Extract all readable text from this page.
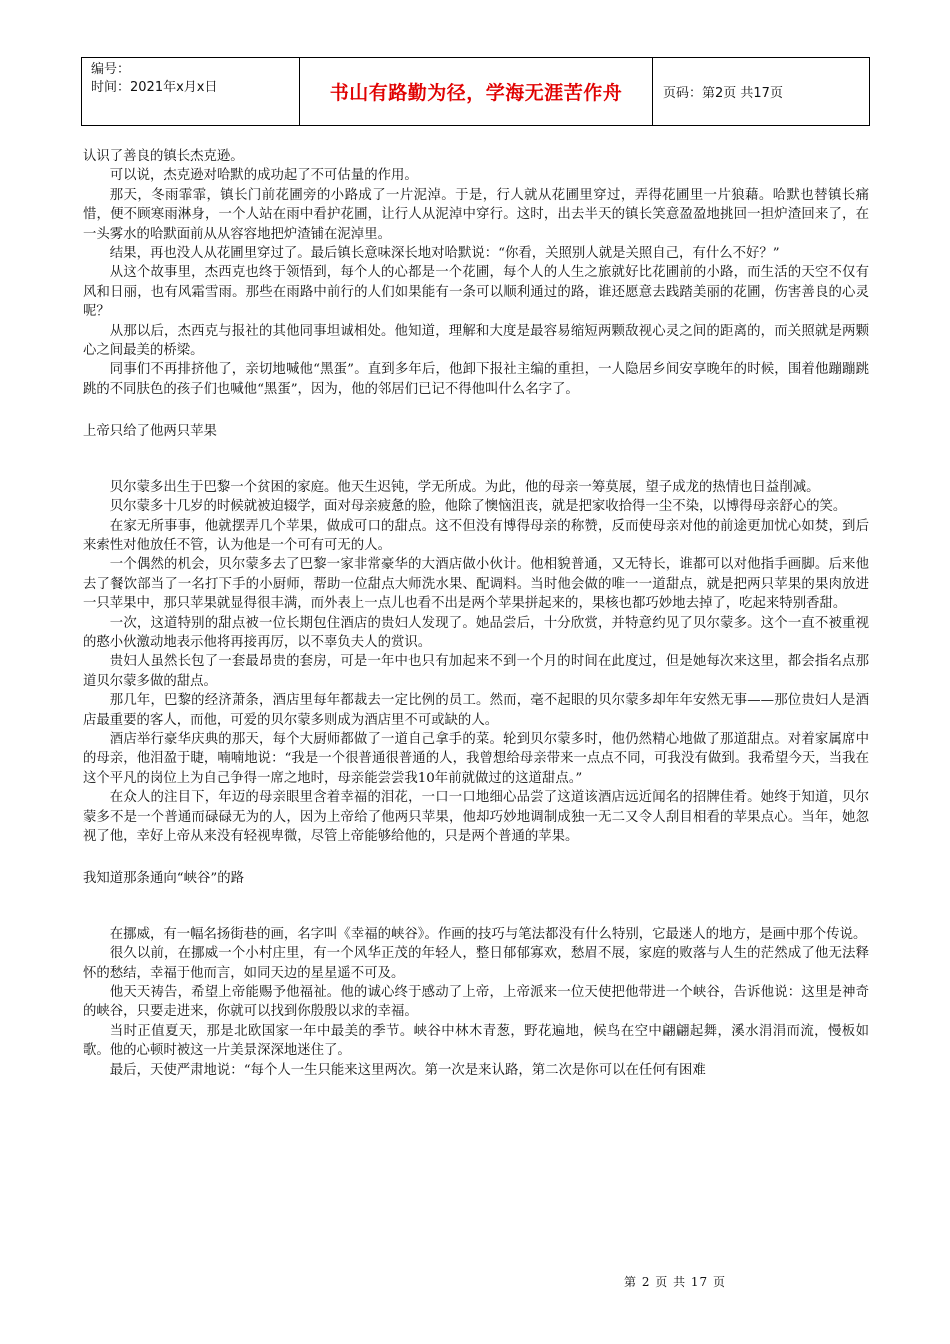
编号：
时间：2021年x月x日	书山有路勤为径，学海无涯苦作舟	页码：第2页 共17页

认识了善良的镇长杰克逊。

可以说，杰克逊对哈默的成功起了不可估量的作用。

那天，冬雨霏霏，镇长门前花圃旁的小路成了一片泥淖。于是，行人就从花圃里穿过，弄得花圃里一片狼藉。哈默也替镇长痛惜，便不顾寒雨淋身，一个人站在雨中看护花圃，让行人从泥淖中穿行。这时，出去半天的镇长笑意盈盈地挑回一担炉渣回来了，在一头雾水的哈默面前从从容容地把炉渣铺在泥淖里。

结果，再也没人从花圃里穿过了。最后镇长意味深长地对哈默说：“你看，关照别人就是关照自己，有什么不好？”

从这个故事里，杰西克也终于领悟到，每个人的心都是一个花圃，每个人的人生之旅就好比花圃前的小路，而生活的天空不仅有风和日丽，也有风霜雪雨。那些在雨路中前行的人们如果能有一条可以顺利通过的路，谁还愿意去践踏美丽的花圃，伤害善良的心灵呢？

从那以后，杰西克与报社的其他同事坦诚相处。他知道，理解和大度是最容易缩短两颗敌视心灵之间的距离的，而关照就是两颗心之间最美的桥梁。

同事们不再排挤他了，亲切地喊他“黑蛋”。直到多年后，他卸下报社主编的重担，一人隐居乡间安享晚年的时候，围着他蹦蹦跳跳的不同肤色的孩子们也喊他“黑蛋”，因为，他的邻居们已记不得他叫什么名字了。

上帝只给了他两只苹果

贝尔蒙多出生于巴黎一个贫困的家庭。他天生迟钝，学无所成。为此，他的母亲一筹莫展，望子成龙的热情也日益削减。

贝尔蒙多十几岁的时候就被迫辍学，面对母亲疲惫的脸，他除了懊恼沮丧，就是把家收拾得一尘不染，以博得母亲舒心的笑。

在家无所事事，他就摆弄几个苹果，做成可口的甜点。这不但没有博得母亲的称赞，反而使母亲对他的前途更加忧心如焚，到后来索性对他放任不管，认为他是一个可有可无的人。

一个偶然的机会，贝尔蒙多去了巴黎一家非常豪华的大酒店做小伙计。他相貌普通，又无特长，谁都可以对他指手画脚。后来他去了餐饮部当了一名打下手的小厨师，帮助一位甜点大师洗水果、配调料。当时他会做的唯一一道甜点，就是把两只苹果的果肉放进一只苹果中，那只苹果就显得很丰满，而外表上一点儿也看不出是两个苹果拼起来的，果核也都巧妙地去掉了，吃起来特别香甜。

一次，这道特别的甜点被一位长期包住酒店的贵妇人发现了。她品尝后，十分欣赏，并特意约见了贝尔蒙多。这个一直不被重视的憨小伙激动地表示他将再接再厉，以不辜负夫人的赏识。

贵妇人虽然长包了一套最昂贵的套房，可是一年中也只有加起来不到一个月的时间在此度过，但是她每次来这里，都会指名点那道贝尔蒙多做的甜点。

那几年，巴黎的经济萧条，酒店里每年都裁去一定比例的员工。然而，毫不起眼的贝尔蒙多却年年安然无事——那位贵妇人是酒店最重要的客人，而他，可爱的贝尔蒙多则成为酒店里不可或缺的人。

酒店举行豪华庆典的那天，每个大厨师都做了一道自己拿手的菜。轮到贝尔蒙多时，他仍然精心地做了那道甜点。对着家属席中的母亲，他泪盈于睫，喃喃地说：“我是一个很普通很普通的人，我曾想给母亲带来一点点不同，可我没有做到。我希望今天，当我在这个平凡的岗位上为自己争得一席之地时，母亲能尝尝我10年前就做过的这道甜点。”

在众人的注目下，年迈的母亲眼里含着幸福的泪花，一口一口地细心品尝了这道该酒店远近闻名的招牌佳肴。她终于知道，贝尔蒙多不是一个普通而碌碌无为的人，因为上帝给了他两只苹果，他却巧妙地调制成独一无二又令人刮目相看的苹果点心。当年，她忽视了他，幸好上帝从来没有轻视卑微，尽管上帝能够给他的，只是两个普通的苹果。

我知道那条通向“峡谷”的路

在挪威，有一幅名扬街巷的画，名字叫《幸福的峡谷》。作画的技巧与笔法都没有什么特别，它最迷人的地方，是画中那个传说。

很久以前，在挪威一个小村庄里，有一个风华正茂的年轻人，整日郁郁寡欢，愁眉不展，家庭的败落与人生的茫然成了他无法释怀的愁结，幸福于他而言，如同天边的星星遥不可及。

他天天祷告，希望上帝能赐予他福祉。他的诚心终于感动了上帝，上帝派来一位天使把他带进一个峡谷，告诉他说：这里是神奇的峡谷，只要走进来，你就可以找到你殷殷以求的幸福。

当时正值夏天，那是北欧国家一年中最美的季节。峡谷中林木青葱，野花遍地，候鸟在空中翩翩起舞，溪水涓涓而流，慢板如歌。他的心顿时被这一片美景深深地迷住了。

最后，天使严肃地说：“每个人一生只能来这里两次。第一次是来认路，第二次是你可以在任何有困难

第 2 页 共 17 页
